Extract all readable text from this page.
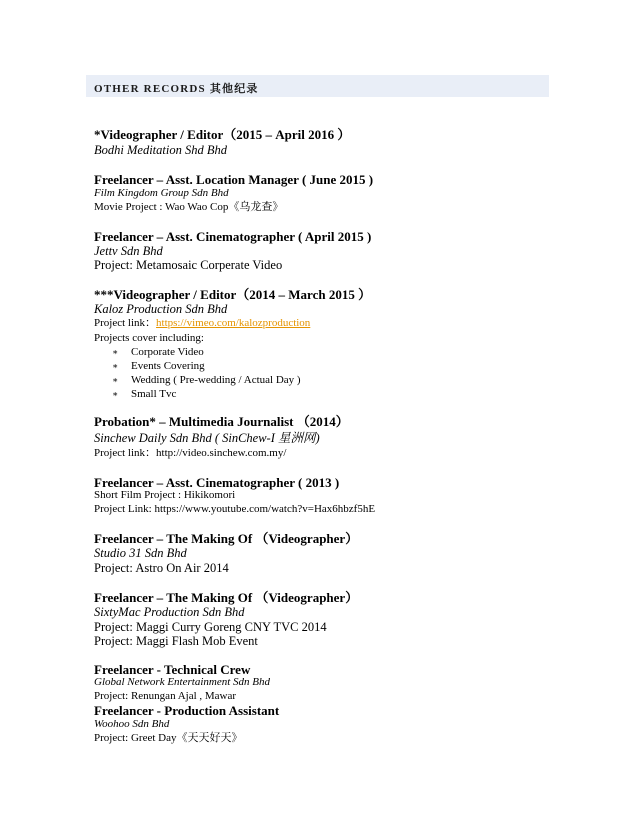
OTHER RECORDS 其他纪录
*Videographer / Editor（2015 – April 2016 ）
Bodhi Meditation Shd Bhd
Freelancer – Asst. Location Manager ( June 2015 )
Film Kingdom Group Sdn Bhd
Movie Project : Wao Wao Cop《乌龙查》
Freelancer – Asst. Cinematographer ( April 2015 )
Jettv Sdn Bhd
Project: Metamosaic Corperate Video
***Videographer / Editor（2014 – March 2015 ）
Kaloz Production Sdn Bhd
Project link：https://vimeo.com/kalozproduction
Projects cover including:
∗ Corporate Video
∗ Events Covering
∗ Wedding ( Pre-wedding / Actual Day )
∗ Small Tvc
Probation* – Multimedia Journalist （2014）
Sinchew Daily Sdn Bhd ( SinChew-I 星洲网)
Project link：http://video.sinchew.com.my/
Freelancer – Asst. Cinematographer ( 2013 )
Short Film Project : Hikikomori
Project Link: https://www.youtube.com/watch?v=Hax6hbzf5hE
Freelancer – The Making Of （Videographer）
Studio 31 Sdn Bhd
Project: Astro On Air 2014
Freelancer – The Making Of （Videographer）
SixtyMac Production Sdn Bhd
Project: Maggi Curry Goreng CNY TVC 2014
Project: Maggi Flash Mob Event
Freelancer - Technical Crew
Global Network Entertainment Sdn Bhd
Project: Renungan Ajal , Mawar
Freelancer - Production Assistant
Woohoo Sdn Bhd
Project: Greet Day《天天好天》
